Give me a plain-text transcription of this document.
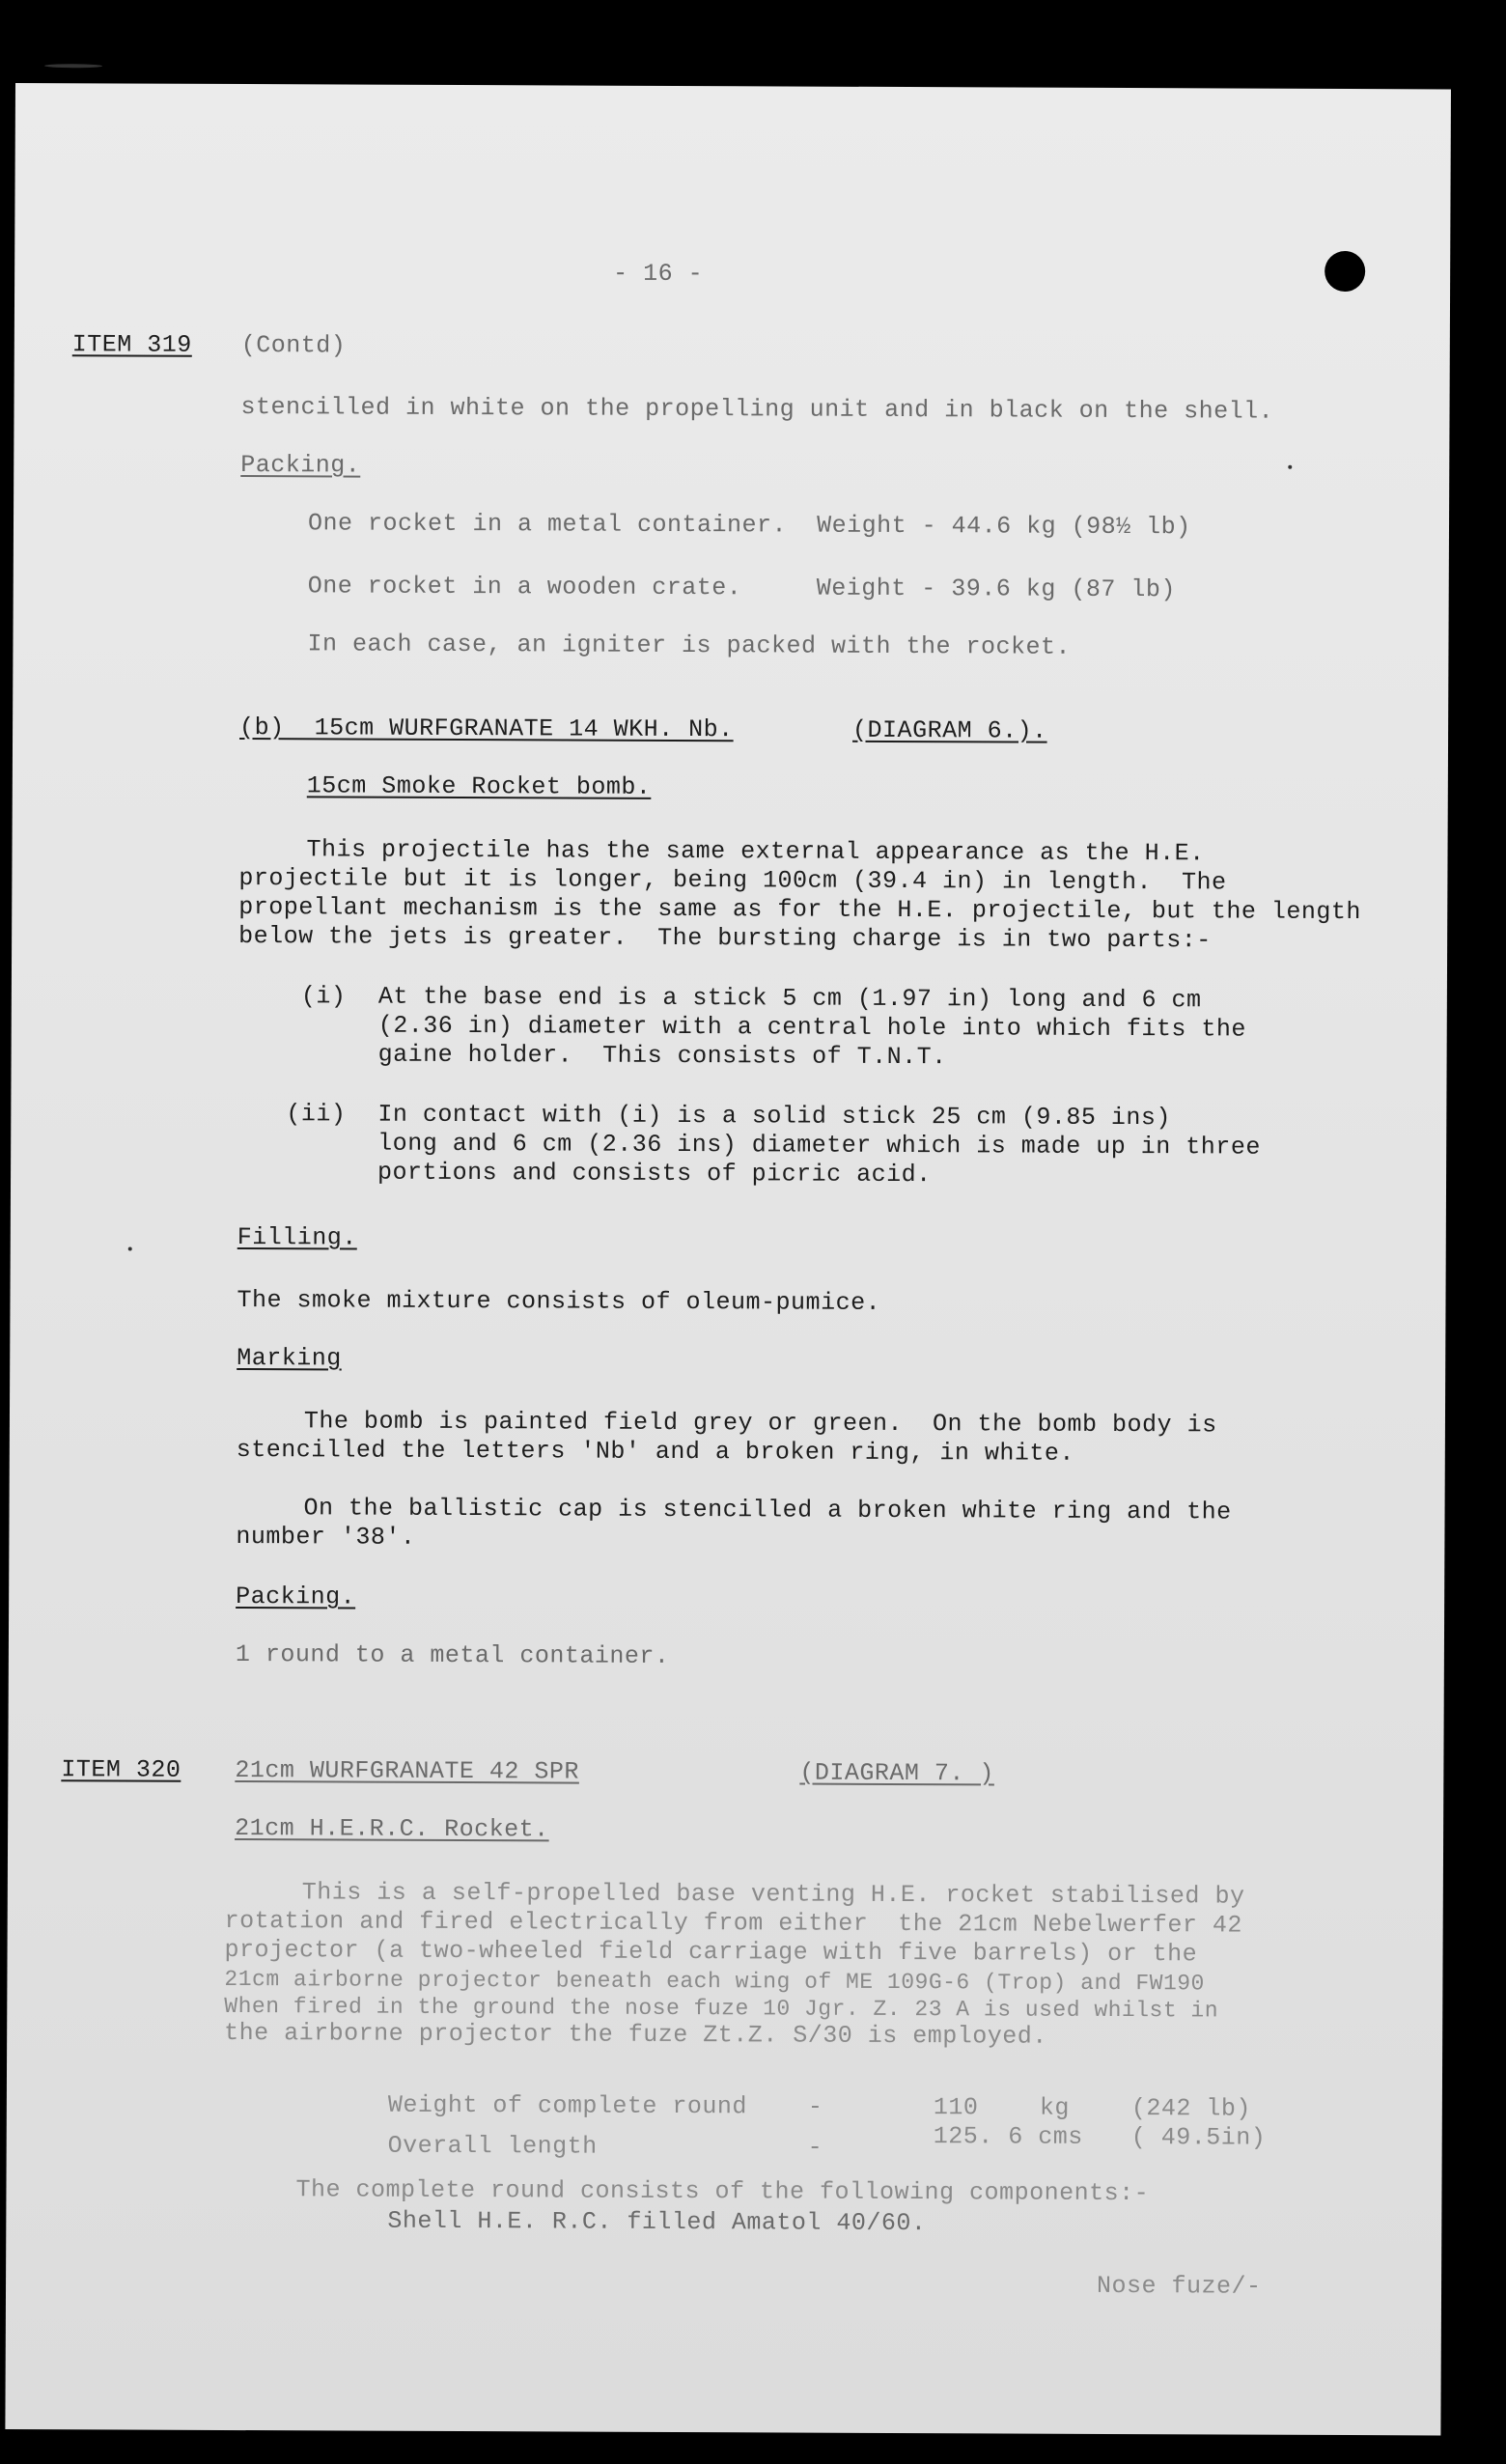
- 16 -
ITEM 319 (Contd)
stencilled in white on the propelling unit and in black on the shell.
Packing.
One rocket in a metal container.  Weight - 44.6 kg (98½ lb)
One rocket in a wooden crate.     Weight - 39.6 kg (87 lb)
In each case, an igniter is packed with the rocket.
(b)  15cm WURFGRANATE 14 WKH. Nb.	(DIAGRAM 6.).
15cm Smoke Rocket bomb.
This projectile has the same external appearance as the H.E.
projectile but it is longer, being 100cm (39.4 in) in length.  The
propellant mechanism is the same as for the H.E. projectile, but the length
below the jets is greater.  The bursting charge is in two parts:-
(i) At the base end is a stick 5 cm (1.97 in) long and 6 cm
(2.36 in) diameter with a central hole into which fits the
gaine holder.  This consists of T.N.T.
(ii) In contact with (i) is a solid stick 25 cm (9.85 ins)
long and 6 cm (2.36 ins) diameter which is made up in three
portions and consists of picric acid.
Filling.
The smoke mixture consists of oleum-pumice.
Marking
The bomb is painted field grey or green.  On the bomb body is
stencilled the letters 'Nb' and a broken ring, in white.
On the ballistic cap is stencilled a broken white ring and the
number '38'.
Packing.
1 round to a metal container.
ITEM 320 21cm WURFGRANATE 42 SPR	(DIAGRAM 7. )
21cm H.E.R.C. Rocket.
This is a self-propelled base venting H.E. rocket stabilised by
rotation and fired electrically from either  the 21cm Nebelwerfer 42
projector (a two-wheeled field carriage with five barrels) or the
21cm airborne projector beneath each wing of ME 109G-6 (Trop) and FW190
When fired in the ground the nose fuze 10 Jgr. Z. 23 A is used whilst in
the airborne projector the fuze Zt.Z. S/30 is employed.
Weight of complete round	-	110	kg	(242 lb)
Overall length	-	125. 6 cms ( 49.5in)
The complete round consists of the following components:-
Shell H.E. R.C. filled Amatol 40/60.
Nose fuze/-
